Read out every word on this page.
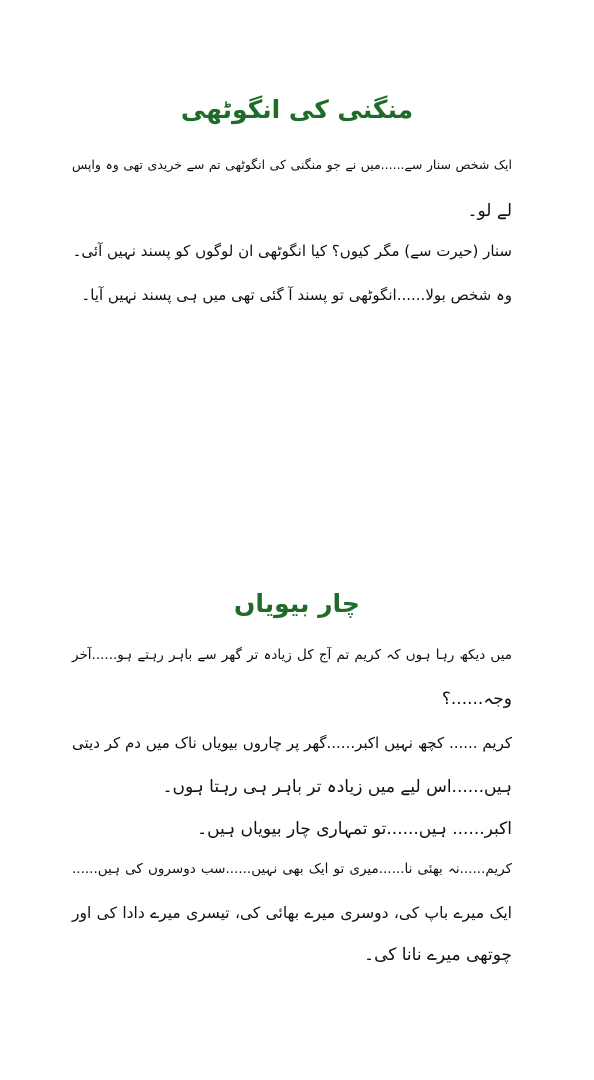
منگنی کی انگوٹھی

ایک شخص سنار سے......میں نے جو منگنی کی انگوٹھی تم سے خریدی تھی وہ واپس

لے لو۔

سنار (حیرت سے) مگر کیوں؟ کیا انگوٹھی ان لوگوں کو پسند نہیں آئی۔

وہ شخص بولا......انگوٹھی تو پسند آ گئی تھی میں ہی پسند نہیں آیا۔

چار بیویاں

میں دیکھ رہا ہوں کہ کریم تم آج کل زیادہ تر گھر سے باہر رہتے ہو......آخر

وجہ......؟

کریم ...... کچھ نہیں اکبر......گھر پر چاروں بیویاں ناک میں دم کر دیتی

ہیں......اس لیے میں زیادہ تر باہر ہی رہتا ہوں۔

اکبر...... ہیں......تو تمہاری چار بیویاں ہیں۔

کریم......نہ بھئی نا......میری تو ایک بھی نہیں......سب دوسروں کی ہیں......

ایک میرے باپ کی، دوسری میرے بھائی کی، تیسری میرے دادا کی اور

چوتھی میرے نانا کی۔
